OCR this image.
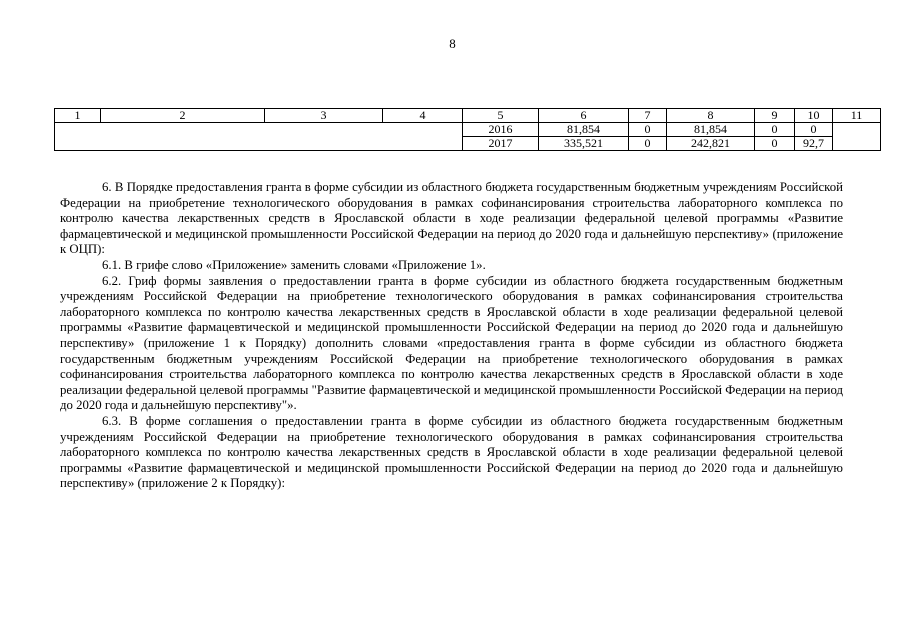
8
1	2	3	4	5	6	7	8	9	10	11
				2016	81,854	0	81,854	0	0	
				2017	335,521	0	242,821	0	92,7	

6. В Порядке предоставления гранта в форме субсидии из областного бюджета государственным бюджетным учреждениям Российской Федерации на приобретение технологического оборудования в рамках софинансирования строительства лабораторного комплекса по контролю качества лекарственных средств в Ярославской области в ходе реализации федеральной целевой программы «Развитие фармацевтической и медицинской промышленности Российской Федерации на период до 2020 года и дальнейшую перспективу» (приложение к ОЦП):

6.1. В грифе слово «Приложение» заменить словами «Приложение 1».

6.2. Гриф формы заявления о предоставлении гранта в форме субсидии из областного бюджета государственным бюджетным учреждениям Российской Федерации на приобретение технологического оборудования в рамках софинансирования строительства лабораторного комплекса по контролю качества лекарственных средств в Ярославской области в ходе реализации федеральной целевой программы «Развитие фармацевтической и медицинской промышленности Российской Федерации на период до 2020 года и дальнейшую перспективу» (приложение 1 к Порядку) дополнить словами «предоставления гранта в форме субсидии из областного бюджета государственным бюджетным учреждениям Российской Федерации на приобретение технологического оборудования в рамках софинансирования строительства лабораторного комплекса по контролю качества лекарственных средств в Ярославской области в ходе реализации федеральной целевой программы "Развитие фармацевтической и медицинской промышленности Российской Федерации на период до 2020 года и дальнейшую перспективу"».

6.3. В форме соглашения о предоставлении гранта в форме субсидии из областного бюджета государственным бюджетным учреждениям Российской Федерации на приобретение технологического оборудования в рамках софинансирования строительства лабораторного комплекса по контролю качества лекарственных средств в Ярославской области в ходе реализации федеральной целевой программы «Развитие фармацевтической и медицинской промышленности Российской Федерации на период до 2020 года и дальнейшую перспективу» (приложение 2 к Порядку):
